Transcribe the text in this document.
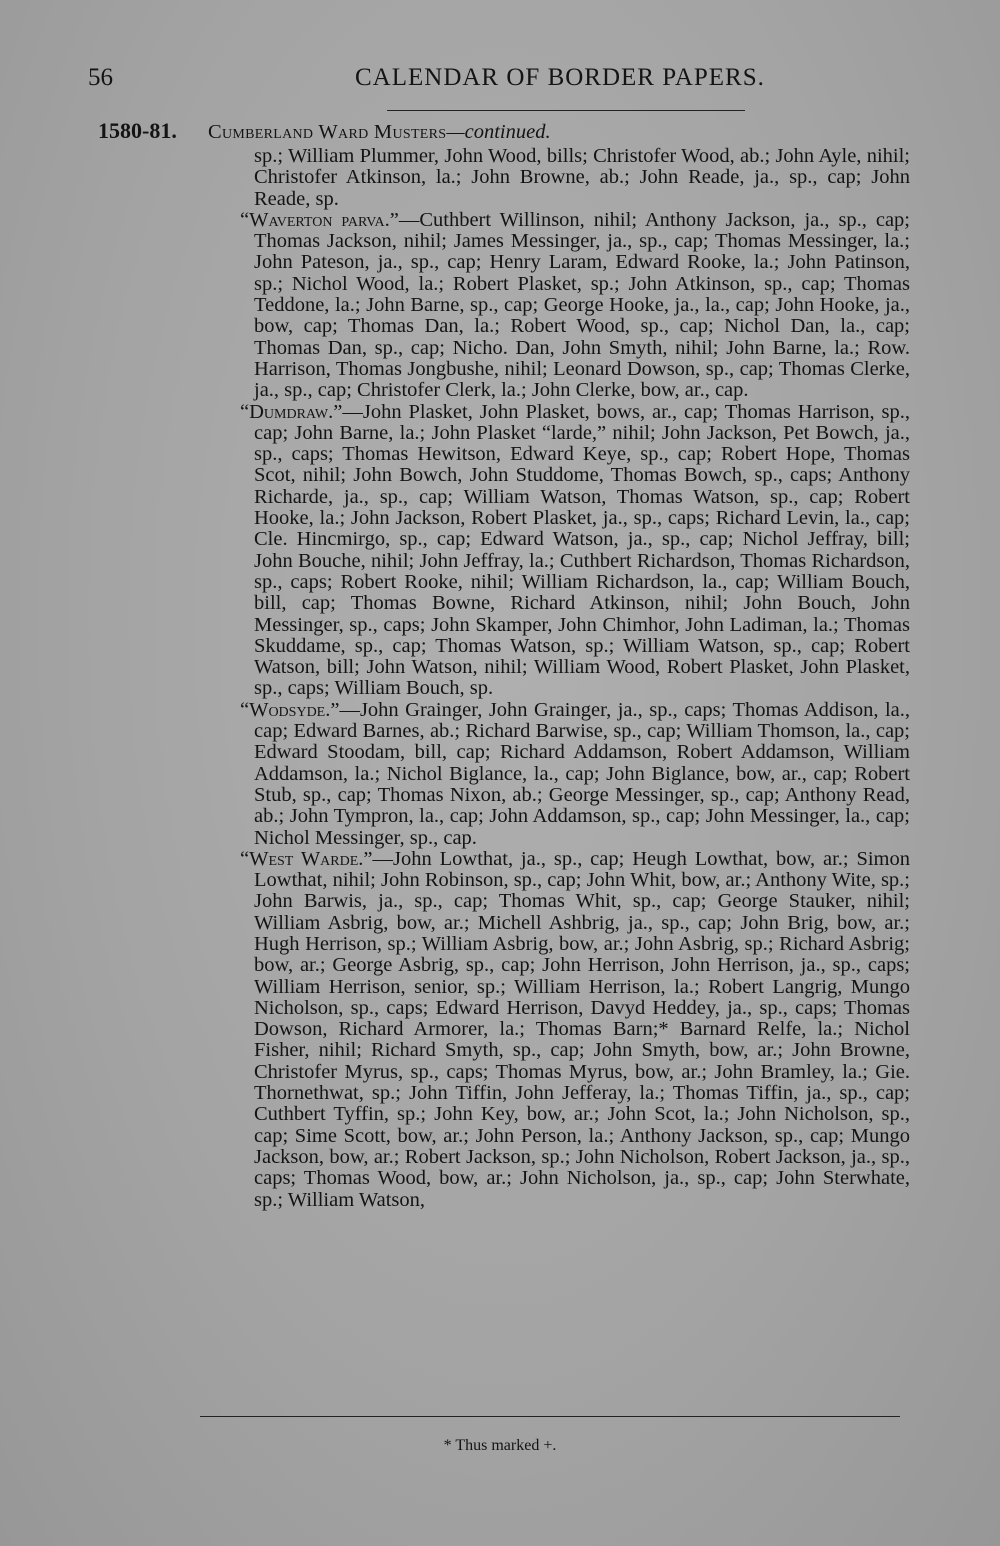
56	CALENDAR OF BORDER PAPERS.
1580-81.	Cumberland Ward Musters —continued.

sp.; William Plummer, John Wood, bills; Christofer Wood, ab.; John Ayle, nihil; Christofer Atkinson, la.; John Browne, ab.; John Reade, ja., sp., cap; John Reade, sp.

“Waverton parva.”—Cuthbert Willinson, nihil; Anthony Jackson, ja., sp., cap; Thomas Jackson, nihil; James Messinger, ja., sp., cap; Thomas Messinger, la.; John Pateson, ja., sp., cap; Henry Laram, Edward Rooke, la.; John Patinson, sp.; Nichol Wood, la.; Robert Plasket, sp.; John Atkinson, sp., cap; Thomas Teddone, la.; John Barne, sp., cap; George Hooke, ja., la., cap; John Hooke, ja., bow, cap; Thomas Dan, la.; Robert Wood, sp., cap; Nichol Dan, la., cap; Thomas Dan, sp., cap; Nicho. Dan, John Smyth, nihil; John Barne, la.; Row. Harrison, Thomas Jongbushe, nihil; Leonard Dowson, sp., cap; Thomas Clerke, ja., sp., cap; Christofer Clerk, la.; John Clerke, bow, ar., cap.

“Dumdraw.”—John Plasket, John Plasket, bows, ar., cap; Thomas Harrison, sp., cap; John Barne, la.; John Plasket “larde,” nihil; John Jackson, Pet Bowch, ja., sp., caps; Thomas Hewitson, Edward Keye, sp., cap; Robert Hope, Thomas Scot, nihil; John Bowch, John Studdome, Thomas Bowch, sp., caps; Anthony Richarde, ja., sp., cap; William Watson, Thomas Watson, sp., cap; Robert Hooke, la.; John Jackson, Robert Plasket, ja., sp., caps; Richard Levin, la., cap; Cle. Hincmirgo, sp., cap; Edward Watson, ja., sp., cap; Nichol Jeffray, bill; John Bouche, nihil; John Jeffray, la.; Cuthbert Richardson, Thomas Richardson, sp., caps; Robert Rooke, nihil; William Richardson, la., cap; William Bouch, bill, cap; Thomas Bowne, Richard Atkinson, nihil; John Bouch, John Messinger, sp., caps; John Skamper, John Chimhor, John Ladiman, la.; Thomas Skuddame, sp., cap; Thomas Watson, sp.; William Watson, sp., cap; Robert Watson, bill; John Watson, nihil; William Wood, Robert Plasket, John Plasket, sp., caps; William Bouch, sp.

“Wodsyde.”—John Grainger, John Grainger, ja., sp., caps; Thomas Addison, la., cap; Edward Barnes, ab.; Richard Barwise, sp., cap; William Thomson, la., cap; Edward Stoodam, bill, cap; Richard Addamson, Robert Addamson, William Addamson, la.; Nichol Biglance, la., cap; John Biglance, bow, ar., cap; Robert Stub, sp., cap; Thomas Nixon, ab.; George Messinger, sp., cap; Anthony Read, ab.; John Tympron, la., cap; John Addamson, sp., cap; John Messinger, la., cap; Nichol Messinger, sp., cap.

“West Warde.”—John Lowthat, ja., sp., cap; Heugh Lowthat, bow, ar.; Simon Lowthat, nihil; John Robinson, sp., cap; John Whit, bow, ar.; Anthony Wite, sp.; John Barwis, ja., sp., cap; Thomas Whit, sp., cap; George Stauker, nihil; William Asbrig, bow, ar.; Michell Ashbrig, ja., sp., cap; John Brig, bow, ar.; Hugh Herrison, sp.; William Asbrig, bow, ar.; John Asbrig, sp.; Richard Asbrig; bow, ar.; George Asbrig, sp., cap; John Herrison, John Herrison, ja., sp., caps; William Herrison, senior, sp.; William Herrison, la.; Robert Langrig, Mungo Nicholson, sp., caps; Edward Herrison, Davyd Heddey, ja., sp., caps; Thomas Dowson, Richard Armorer, la.; Thomas Barn;* Barnard Relfe, la.; Nichol Fisher, nihil; Richard Smyth, sp., cap; John Smyth, bow, ar.; John Browne, Christofer Myrus, sp., caps; Thomas Myrus, bow, ar.; John Bramley, la.; Gie. Thornethwat, sp.; John Tiffin, John Jefferay, la.; Thomas Tiffin, ja., sp., cap; Cuthbert Tyffin, sp.; John Key, bow, ar.; John Scot, la.; John Nicholson, sp., cap; Sime Scott, bow, ar.; John Person, la.; Anthony Jackson, sp., cap; Mungo Jackson, bow, ar.; Robert Jackson, sp.; John Nicholson, Robert Jackson, ja., sp., caps; Thomas Wood, bow, ar.; John Nicholson, ja., sp., cap; John Sterwhate, sp.; William Watson,

* Thus marked +.
